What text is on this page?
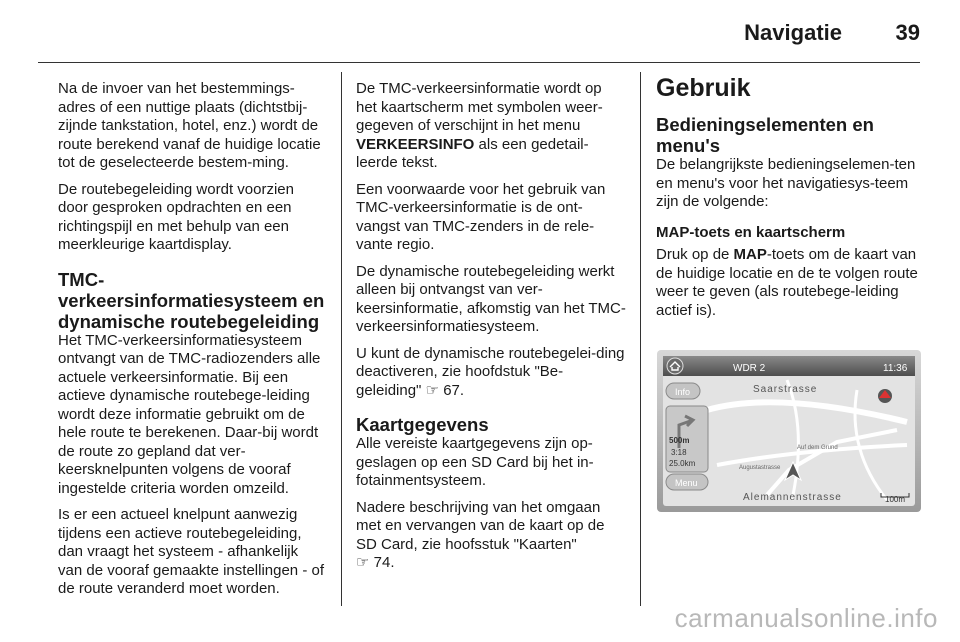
Navigatie 39

Na de invoer van het bestemmings-adres of een nuttige plaats (dichtstbij-zijnde tankstation, hotel, enz.) wordt de route berekend vanaf de huidige locatie tot de geselecteerde bestem-ming.

De routebegeleiding wordt voorzien door gesproken opdrachten en een richtingspijl en met behulp van een meerkleurige kaartdisplay.

TMC-verkeersinformatiesysteem en dynamische routebegeleiding

Het TMC-verkeersinformatiesysteem ontvangt van de TMC-radiozenders alle actuele verkeersinformatie. Bij een actieve dynamische routebege-leiding wordt deze informatie gebruikt om de hele route te berekenen. Daar-bij wordt de route zo gepland dat ver-keersknelpunten volgens de vooraf ingestelde criteria worden omzeild.

Is er een actueel knelpunt aanwezig tijdens een actieve routebegeleiding, dan vraagt het systeem - afhankelijk van de vooraf gemaakte instellingen - of de route veranderd moet worden.

De TMC-verkeersinformatie wordt op het kaartscherm met symbolen weer-gegeven of verschijnt in het menu VERKEERSINFO als een gedetail-leerde tekst.

Een voorwaarde voor het gebruik van TMC-verkeersinformatie is de ont-vangst van TMC-zenders in de rele-vante regio.

De dynamische routebegeleiding werkt alleen bij ontvangst van ver-keersinformatie, afkomstig van het TMC-verkeersinformatiesysteem.

U kunt de dynamische routebegelei-ding deactiveren, zie hoofdstuk "Be-geleiding" ☞ 67.

Kaartgegevens

Alle vereiste kaartgegevens zijn op-geslagen op een SD Card bij het in-fotainmentsysteem.

Nadere beschrijving van het omgaan met en vervangen van de kaart op de SD Card, zie hoofsstuk "Kaarten"
☞ 74.

Gebruik
Bedieningselementen en menu's

De belangrijkste bedieningselemen-ten en menu's voor het navigatiesys-teem zijn de volgende:

MAP-toets en kaartscherm

Druk op de MAP-toets om de kaart van de huidige locatie en de te volgen route weer te geven (als routebege-leiding actief is).

WDR 2	11:36
Saarstrasse
Auf dem Grund
Augustastrasse
Info
500m
3:18
25.0km
Menu
Alemannenstrasse	100m
carmanualsonline.info
